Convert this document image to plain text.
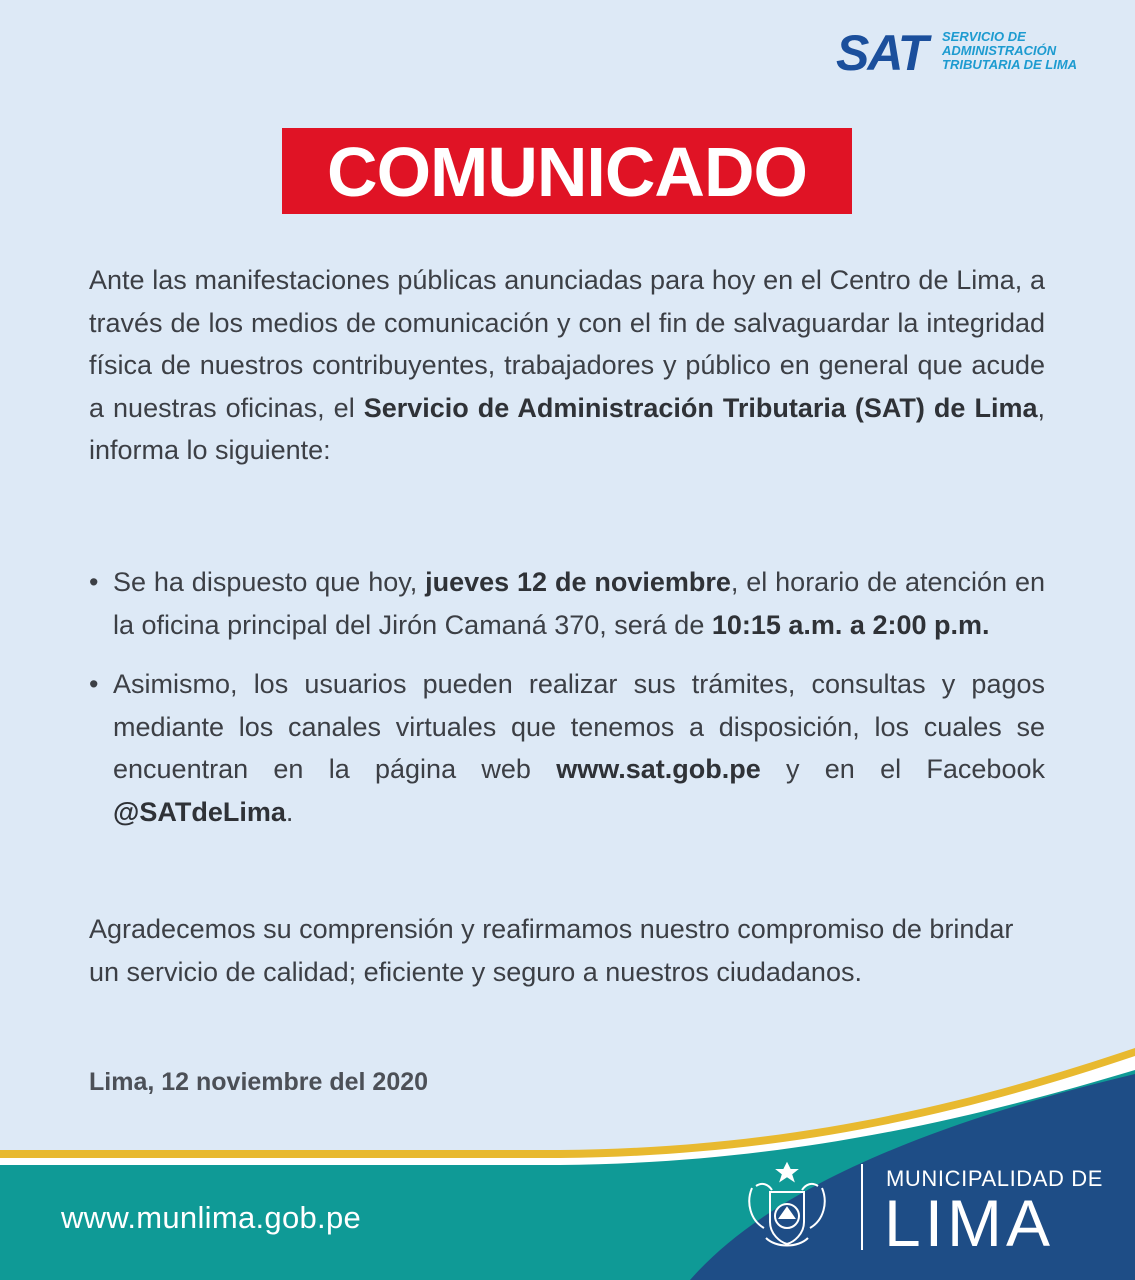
SAT SERVICIO DE
ADMINISTRACIÓN
TRIBUTARIA DE LIMA
COMUNICADO
Ante las manifestaciones públicas anunciadas para hoy en el Centro de Lima, a través de los medios de comunicación y con el fin de salvaguardar la integridad física de nuestros contribuyentes, trabajadores y público en general que acude a nuestras oficinas, el Servicio de Administración Tributaria (SAT) de Lima, informa lo siguiente:
• Se ha dispuesto que hoy, jueves 12 de noviembre, el horario de atención en la oficina principal del Jirón Camaná 370, será de 10:15 a.m. a 2:00 p.m.
• Asimismo, los usuarios pueden realizar sus trámites, consultas y pagos mediante los canales virtuales que tenemos a disposición, los cuales se encuentran en la página web www.sat.gob.pe y en el Facebook @SATdeLima.
Agradecemos su comprensión y reafirmamos nuestro compromiso de brindar un servicio de calidad; eficiente y seguro a nuestros ciudadanos.
Lima, 12 noviembre del 2020
www.munlima.gob.pe
MUNICIPALIDAD DE
LIMA
